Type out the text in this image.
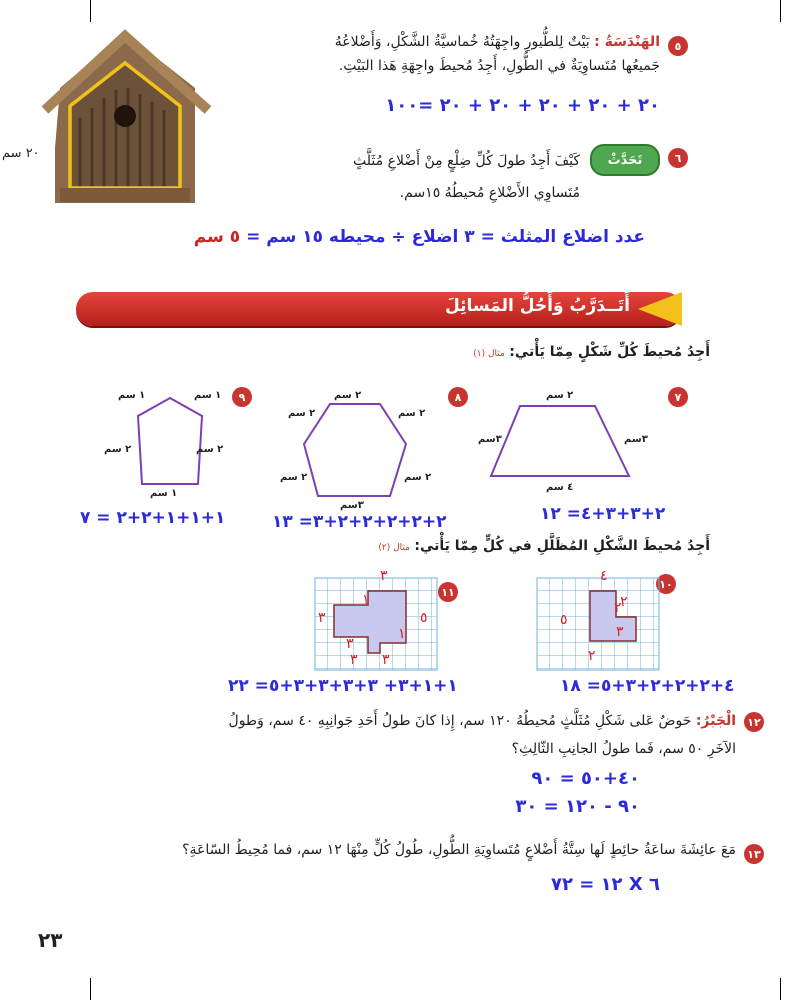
٥
الهَنْدَسَةُ : بَيْتٌ لِلطُّيورِ واجِهَتُهُ خُماسيَّةُ الشَّكْلِ، وَأَضْلاعُهُ
جَميعُها مُتَساوِيَةٌ في الطُّولِ، أَجِدُ مُحيطَ واجِهَةِ هَذا البَيْتِ.
٢٠ + ٢٠ + ٢٠ + ٢٠ + ٢٠ =١٠٠
٢٠ سم	٦
تَحَدَّثْ
كَيْفَ أَجِدُ طولَ كُلِّ ضِلْعٍ مِنْ أَضْلاعِ مُثَلَّثٍ
مُتَساوِي الأَضْلاعِ مُحيطُهُ ١٥سم.
عدد اضلاع المثلث = ٣ اضلاع ÷ محيطه ١٥ سم = ٥ سم
أَتَــدَرَّبُ وَأَحُلُّ المَسائِلَ
أَجِدُ مُحيطَ كُلِّ شَكْلٍ مِمّا يَأْتي: مثال (١)
٧
٢ سم
٣سم	٣سم
٤ سم
٢+٣+٣+٤= ١٢
٨
٢ سم
٢ سم	٢ سم
٢ سم	٢ سم
٣سم
٢+٢+٢+٢+٢+٣= ١٣
٩
١ سم	١ سم
٢ سم	٢ سم
١ سم
١+١+١+٢+٢ = ٧
أَجِدُ مُحيطَ الشَّكْلِ المُظَلَّلِ في كُلٍّ مِمّا يَأْتي: مثال (٢)
١٠
٤
٢
٥
٣
٢
٢
٤+٢+٢+٢+٣+٥= ١٨
١١
٣
١
٣	٥
٣
٣
٣
١
١+١+٣+ ٣+٣+٣+٣+٥= ٢٢
١٢
الْجَبْرُ: حَوضٌ عَلى شَكْلِ مُثَلَّثٍ مُحيطُهُ ١٢٠ سم، إِذا كانَ طولُ أَحَدِ جَوانِبِهِ ٤٠ سم، وَطولُ
الآخَرِ ٥٠ سم، فَما طولُ الجانِبِ الثّالِثِ؟
٤٠+٥٠ = ٩٠
٩٠ - ١٢٠ = ٣٠
١٣
مَعَ عائِشَةَ ساعَةُ حائِطٍ لَها سِتَّةُ أَضْلاعٍ مُتَساوِيَةِ الطُّولِ، طُولُ كُلٍّ مِنْهَا ١٢ سم، فما مُحِيطُ السّاعَةِ؟
٦ X ١٢ = ٧٢
٢٣
